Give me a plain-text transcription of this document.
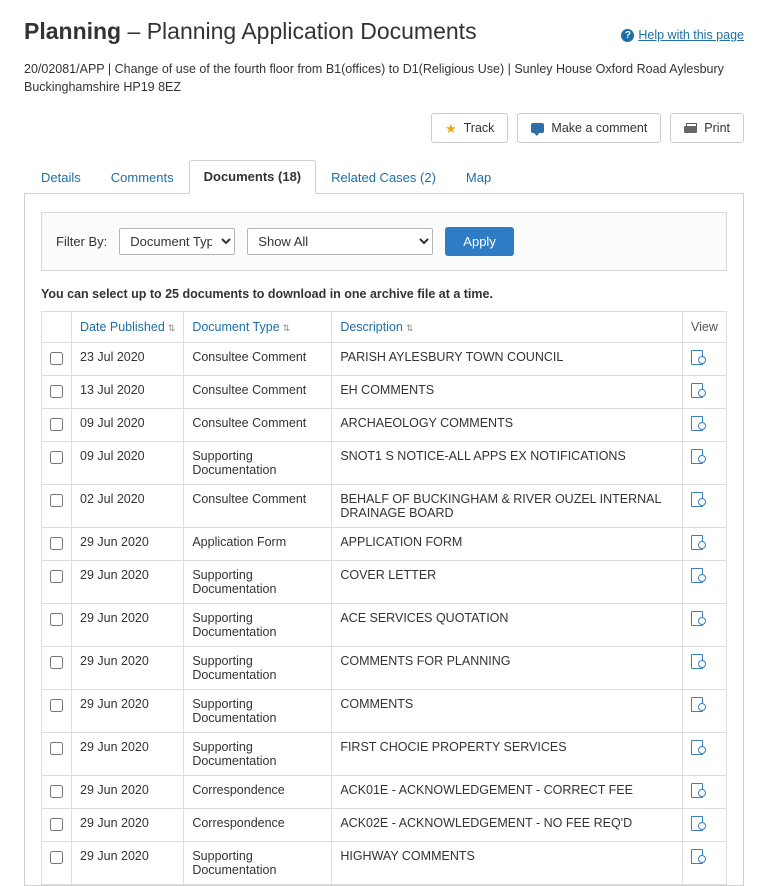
Planning – Planning Application Documents	? Help with this page

20/02081/APP | Change of use of the fourth floor from B1(offices) to D1(Religious Use) | Sunley House Oxford Road Aylesbury Buckinghamshire HP19 8EZ

★ Track	Make a comment	Print
Details	Comments	Documents (18)	Related Cases (2)	Map
Filter By:
Document Type
Show All	Apply
You can select up to 25 documents to download in one archive file at a time.
	Date Published ⇅	Document Type ⇅	Description ⇅	View
	23 Jul 2020	Consultee Comment	PARISH AYLESBURY TOWN COUNCIL	
	13 Jul 2020	Consultee Comment	EH COMMENTS	
	09 Jul 2020	Consultee Comment	ARCHAEOLOGY COMMENTS	
	09 Jul 2020	Supporting Documentation	SNOT1 S NOTICE-ALL APPS EX NOTIFICATIONS	
	02 Jul 2020	Consultee Comment	BEHALF OF BUCKINGHAM & RIVER OUZEL INTERNAL DRAINAGE BOARD	
	29 Jun 2020	Application Form	APPLICATION FORM	
	29 Jun 2020	Supporting Documentation	COVER LETTER	
	29 Jun 2020	Supporting Documentation	ACE SERVICES QUOTATION	
	29 Jun 2020	Supporting Documentation	COMMENTS FOR PLANNING	
	29 Jun 2020	Supporting Documentation	COMMENTS	
	29 Jun 2020	Supporting Documentation	FIRST CHOCIE PROPERTY SERVICES	
	29 Jun 2020	Correspondence	ACK01E - ACKNOWLEDGEMENT - CORRECT FEE	
	29 Jun 2020	Correspondence	ACK02E - ACKNOWLEDGEMENT - NO FEE REQ'D	
	29 Jun 2020	Supporting Documentation	HIGHWAY COMMENTS	
